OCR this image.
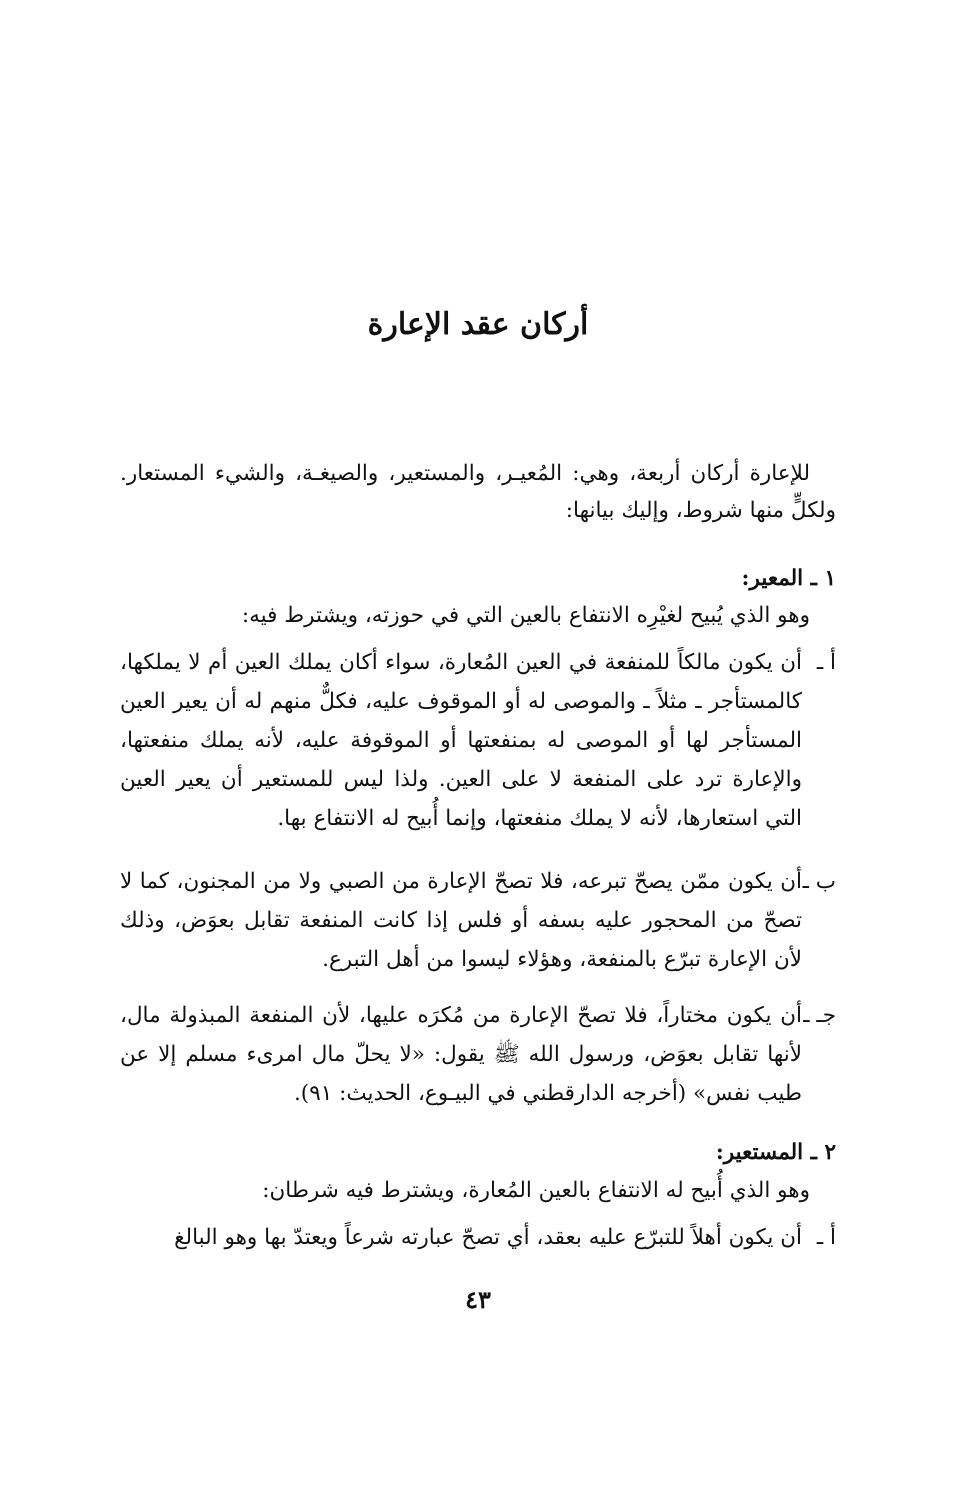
أركان عقد الإعارة
للإعارة أركان أربعة، وهي: المُعيـر، والمستعير، والصيغـة، والشيء المستعار. ولكلٍّ منها شروط، وإليك بيانها:
١ ـ المعير:
وهو الذي يُبيح لغيْرِه الانتفاع بالعين التي في حوزته، ويشترط فيه:
أ ـ
أن يكون مالكاً للمنفعة في العين المُعارة، سواء أكان يملك العين أم لا يملكها، كالمستأجر ـ مثلاً ـ والموصى له أو الموقوف عليه، فكلٌّ منهم له أن يعير العين المستأجر لها أو الموصى له بمنفعتها أو الموقوفة عليه، لأنه يملك منفعتها، والإعارة ترد على المنفعة لا على العين. ولذا ليس للمستعير أن يعير العين التي استعارها، لأنه لا يملك منفعتها، وإنما أُبيح له الانتفاع بها.
ب ـ
أن يكون ممّن يصحّ تبرعه، فلا تصحّ الإعارة من الصبي ولا من المجنون، كما لا تصحّ من المحجور عليه بسفه أو فلس إذا كانت المنفعة تقابل بعوَض، وذلك لأن الإعارة تبرّع بالمنفعة، وهؤلاء ليسوا من أهل التبرع.
جـ ـ
أن يكون مختاراً، فلا تصحّ الإعارة من مُكرَه عليها، لأن المنفعة المبذولة مال، لأنها تقابل بعوَض، ورسول الله ﷺ يقول: «لا يحلّ مال امرىء مسلم إلا عن طيب نفس» (أخرجه الدارقطني في البيـوع، الحديث: ٩١).
٢ ـ المستعير:
وهو الذي أُبيح له الانتفاع بالعين المُعارة، ويشترط فيه شرطان:
أ ـ
أن يكون أهلاً للتبرّع عليه بعقد، أي تصحّ عبارته شرعاً ويعتدّ بها وهو البالغ
٤٣
